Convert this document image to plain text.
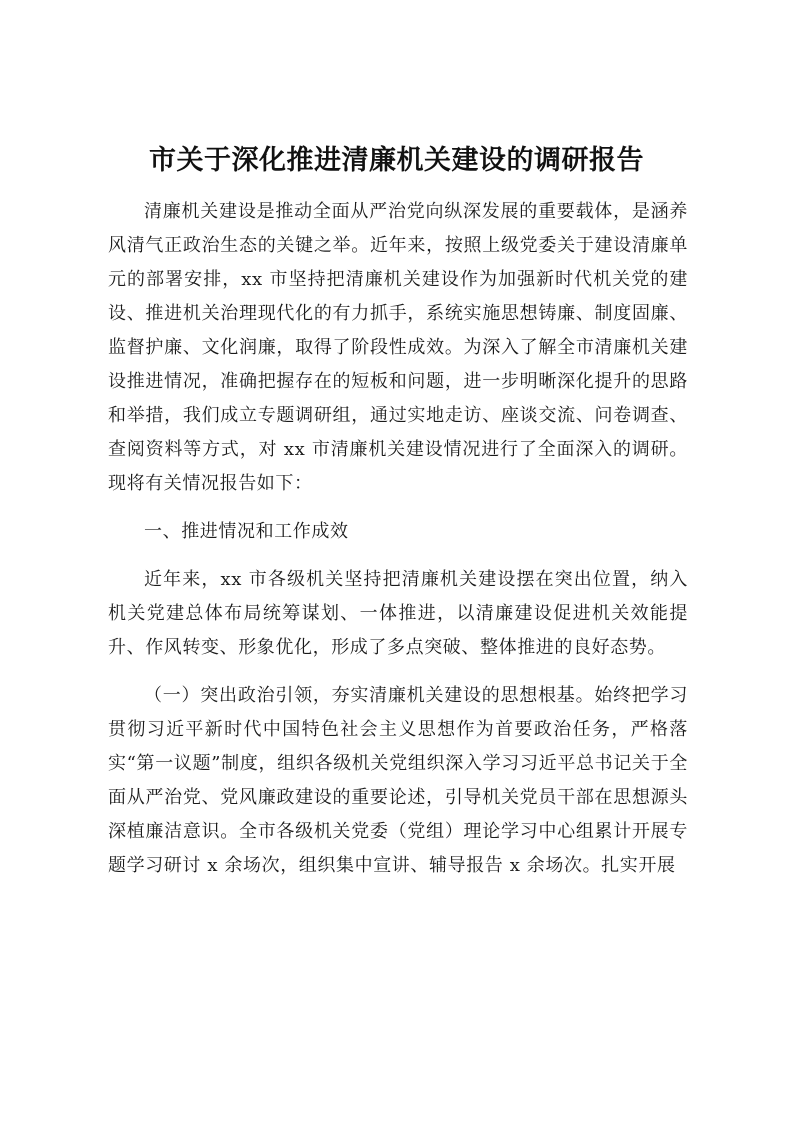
市关于深化推进清廉机关建设的调研报告

清廉机关建设是推动全面从严治党向纵深发展的重要载体，是涵养风清气正政治生态的关键之举。近年来，按照上级党委关于建设清廉单元的部署安排，xx 市坚持把清廉机关建设作为加强新时代机关党的建设、推进机关治理现代化的有力抓手，系统实施思想铸廉、制度固廉、监督护廉、文化润廉，取得了阶段性成效。为深入了解全市清廉机关建设推进情况，准确把握存在的短板和问题，进一步明晰深化提升的思路和举措，我们成立专题调研组，通过实地走访、座谈交流、问卷调查、查阅资料等方式，对 xx 市清廉机关建设情况进行了全面深入的调研。现将有关情况报告如下：

一、推进情况和工作成效

近年来，xx 市各级机关坚持把清廉机关建设摆在突出位置，纳入机关党建总体布局统筹谋划、一体推进，以清廉建设促进机关效能提升、作风转变、形象优化，形成了多点突破、整体推进的良好态势。

（一）突出政治引领，夯实清廉机关建设的思想根基。始终把学习贯彻习近平新时代中国特色社会主义思想作为首要政治任务，严格落实“第一议题”制度，组织各级机关党组织深入学习习近平总书记关于全面从严治党、党风廉政建设的重要论述，引导机关党员干部在思想源头深植廉洁意识。全市各级机关党委（党组）理论学习中心组累计开展专题学习研讨 x 余场次，组织集中宣讲、辅导报告 x 余场次。扎实开展
